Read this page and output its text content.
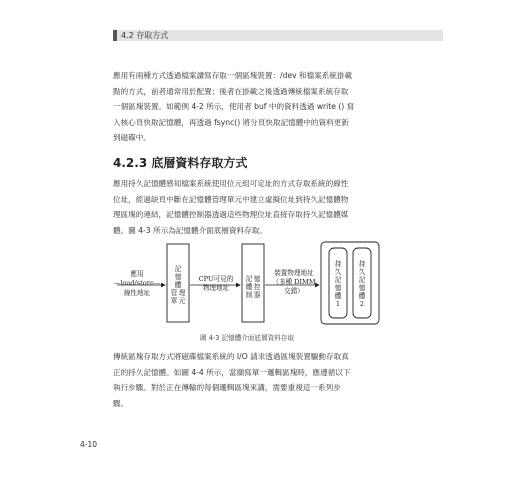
4.2 存取方式
應用有兩種方式透過檔案讀寫存取一個區塊裝置：/dev 和檔案系統掛載
點的方式，前者通常用於配置；後者在掛載之後透過傳統檔案系統存取
一個區塊裝置。如範例 4-2 所示，使用者 buf 中的資料透過 write () 寫
入核心頁快取記憶體，再透過 fsync() 將分頁快取記憶體中的資料更新
到磁碟中。
4.2.3 底層資料存取方式
應用持久記憶體感知檔案系統使用位元組可定址的方式存取系統的線性
位址，經過缺頁中斷在記憶體管理單元中建立虛擬位址到持久記憶體物
理區塊的連結，記憶體控制器透過這些物理位址直接存取持久記憶體媒
體。圖 4-3 所示為記憶體介面底層資料存取。
應用
—load/store—
線性地址
記
憶
體
管 理
單 元
CPU可見的
物理地址
記 憶
體 控
制 器
裝置物理地址
（多種 DIMM
交錯）
持
久
記
憶
體
1
持
久
記
憶
體
2
圖 4-3 記憶體介面底層資料存取
傳統區塊存取方式將磁碟檔案系統的 I/O 請求透過區塊裝置驅動存取真
正的持久記憶體。如圖 4-4 所示，當擷寫單一邏輯區塊時，應遵循以下
執行步驟。對於正在傳輸的每個邏輯區塊來講，需要重複這一系列步
驟。
4-10
